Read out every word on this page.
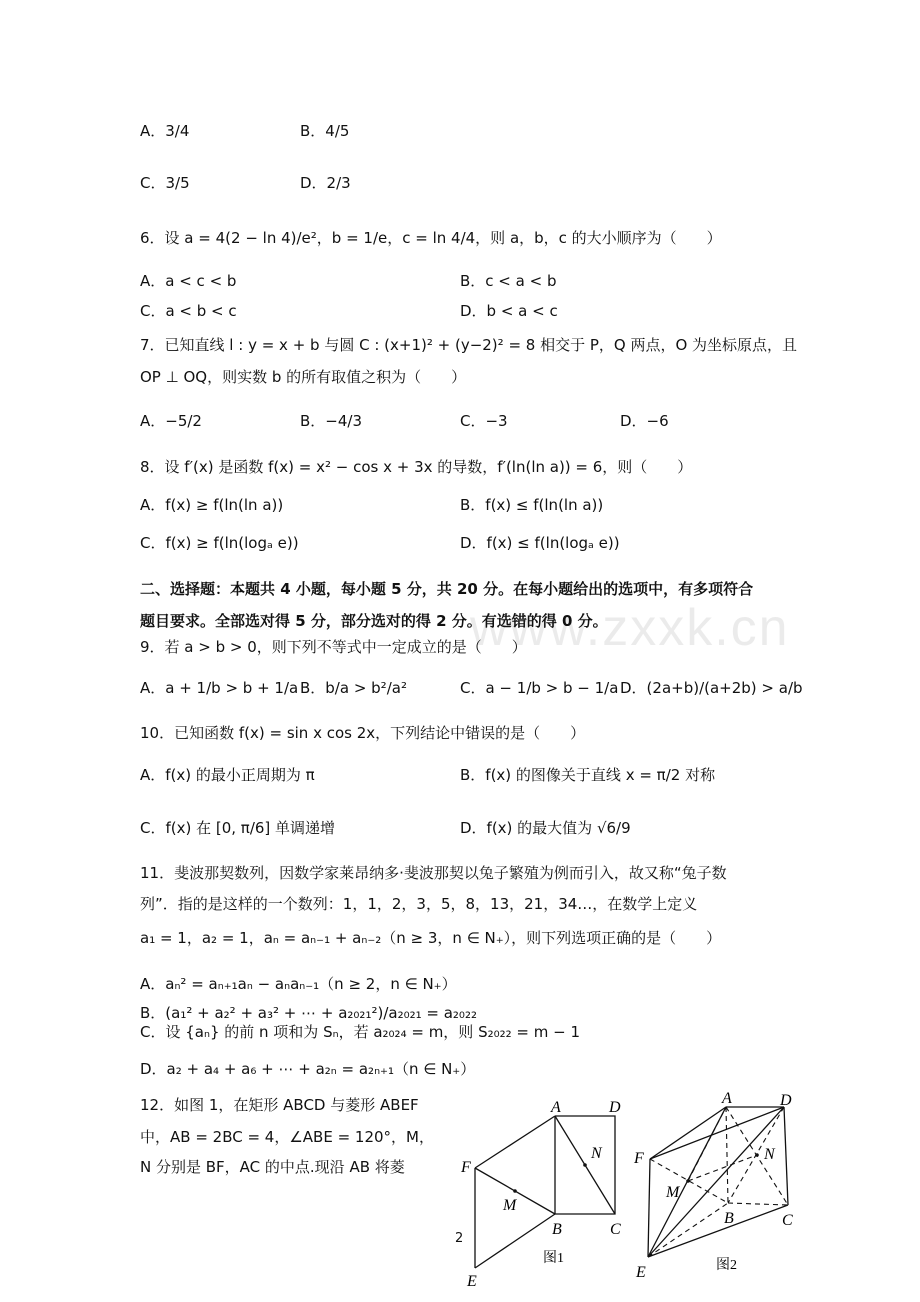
www.zxxk.cn
A．3/4	B．4/5
C．3/5	D．2/3
6．设 a = 4(2 − ln 4)/e²，b = 1/e，c = ln 4/4，则 a，b，c 的大小顺序为（　　）
A．a < c < b	B．c < a < b
C．a < b < c	D．b < a < c
7．已知直线 l : y = x + b 与圆 C : (x+1)² + (y−2)² = 8 相交于 P，Q 两点，O 为坐标原点，且
OP ⊥ OQ，则实数 b 的所有取值之积为（　　）
A．−5/2	B．−4/3	C．−3	D．−6
8．设 f′(x) 是函数 f(x) = x² − cos x + 3x 的导数，f′(ln(ln a)) = 6，则（　　）
A．f(x) ≥ f(ln(ln a))	B．f(x) ≤ f(ln(ln a))
C．f(x) ≥ f(ln(logₐ e))	D．f(x) ≤ f(ln(logₐ e))
二、选择题：本题共 4 小题，每小题 5 分，共 20 分。在每小题给出的选项中，有多项符合
题目要求。全部选对得 5 分，部分选对的得 2 分。有选错的得 0 分。
9．若 a > b > 0，则下列不等式中一定成立的是（　　）
A．a + 1/b > b + 1/a B．b/a > b²/a²	C．a − 1/b > b − 1/a D．(2a+b)/(a+2b) > a/b
10．已知函数 f(x) = sin x cos 2x，下列结论中错误的是（　　）
A．f(x) 的最小正周期为 π	B．f(x) 的图像关于直线 x = π/2 对称
C．f(x) 在 [0, π/6] 单调递增	D．f(x) 的最大值为 √6/9
11．斐波那契数列，因数学家莱昂纳多·斐波那契以兔子繁殖为例而引入，故又称“兔子数
列”．指的是这样的一个数列：1，1，2，3，5，8，13，21，34…，在数学上定义
a₁ = 1，a₂ = 1，aₙ = aₙ₋₁ + aₙ₋₂（n ≥ 3，n ∈ N₊），则下列选项正确的是（　　）
A．aₙ² = aₙ₊₁aₙ − aₙaₙ₋₁（n ≥ 2，n ∈ N₊）
B．(a₁² + a₂² + a₃² + ⋯ + a₂₀₂₁²)/a₂₀₂₁ = a₂₀₂₂
C．设 {aₙ} 的前 n 项和为 Sₙ，若 a₂₀₂₄ = m，则 S₂₀₂₂ = m − 1
D．a₂ + a₄ + a₆ + ⋯ + a₂ₙ = a₂ₙ₊₁（n ∈ N₊）
12．如图 1，在矩形 ABCD 与菱形 ABEF
中，AB = 2BC = 4，∠ABE = 120°，M，
N 分别是 BF，AC 的中点.现沿 AB 将菱
A	D
F
M
N
B	C
E
图1
A	D
F
M
N
B	C
E	图2
2
